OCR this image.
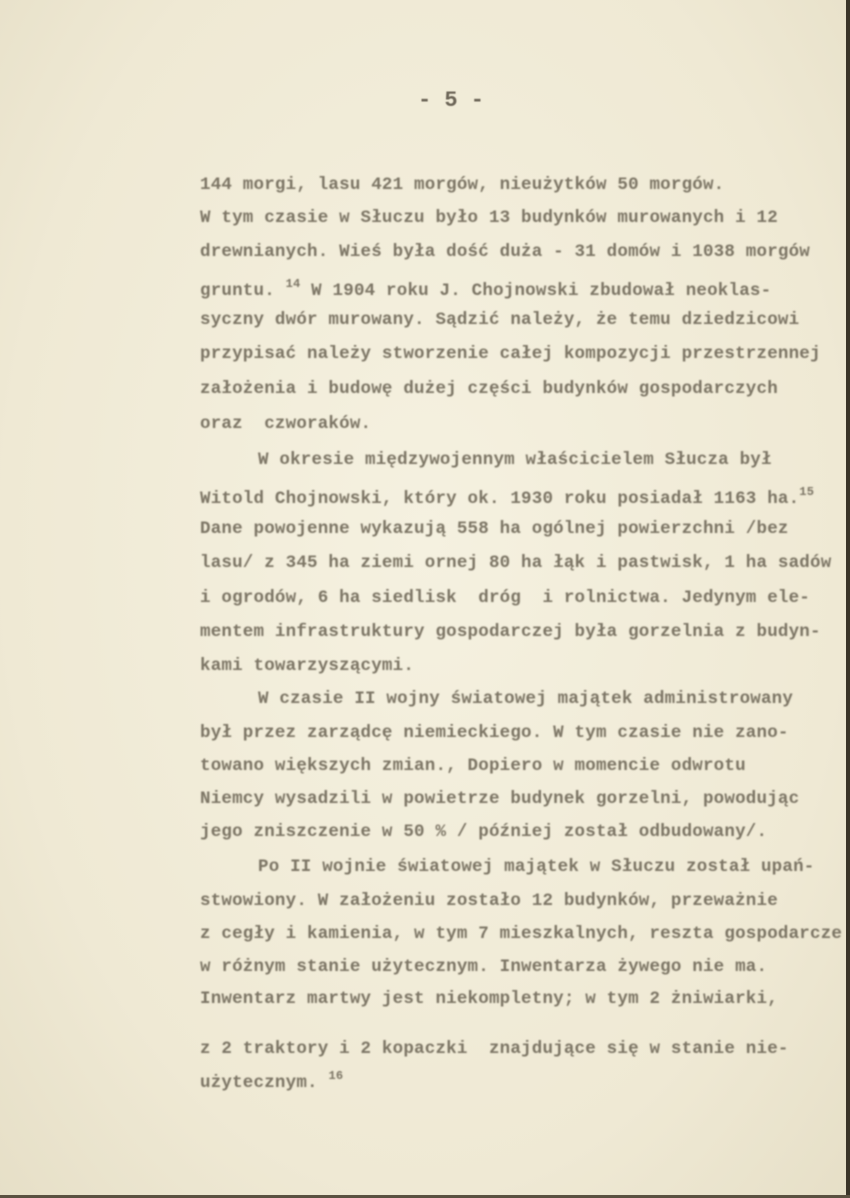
- 5 -
144 morgi, lasu 421 morgów, nieużytków 50 morgów.
W tym czasie w Słuczu było 13 budynków murowanych i 12
drewnianych. Wieś była dość duża - 31 domów i 1038 morgów
gruntu. $^{14}$ W 1904 roku J. Chojnowski zbudował neoklas-
syczny dwór murowany. Sądzić należy, że temu dziedzicowi
przypisać należy stworzenie całej kompozycji przestrzennej
założenia i budowę dużej części budynków gospodarczych
oraz  czworaków.
W okresie międzywojennym właścicielem Słucza był
Witold Chojnowski, który ok. 1930 roku posiadał 1163 ha.$^{15}$
Dane powojenne wykazują 558 ha ogólnej powierzchni /bez
lasu/ z 345 ha ziemi ornej 80 ha łąk i pastwisk, 1 ha sadów
i ogrodów, 6 ha siedlisk  dróg  i rolnictwa. Jedynym ele-
mentem infrastruktury gospodarczej była gorzelnia z budyn-
kami towarzyszącymi.
W czasie II wojny światowej majątek administrowany
był przez zarządcę niemieckiego. W tym czasie nie zano-
towano większych zmian., Dopiero w momencie odwrotu
Niemcy wysadzili w powietrze budynek gorzelni, powodując
jego zniszczenie w 50 % / później został odbudowany/.
Po II wojnie światowej majątek w Słuczu został upań-
stwowiony. W założeniu zostało 12 budynków, przeważnie
z cegły i kamienia, w tym 7 mieszkalnych, reszta gospodarcze
w różnym stanie użytecznym. Inwentarza żywego nie ma.
Inwentarz martwy jest niekompletny; w tym 2 żniwiarki,
z 2 traktory i 2 kopaczki  znajdujące się w stanie nie-
użytecznym. $^{16}$
